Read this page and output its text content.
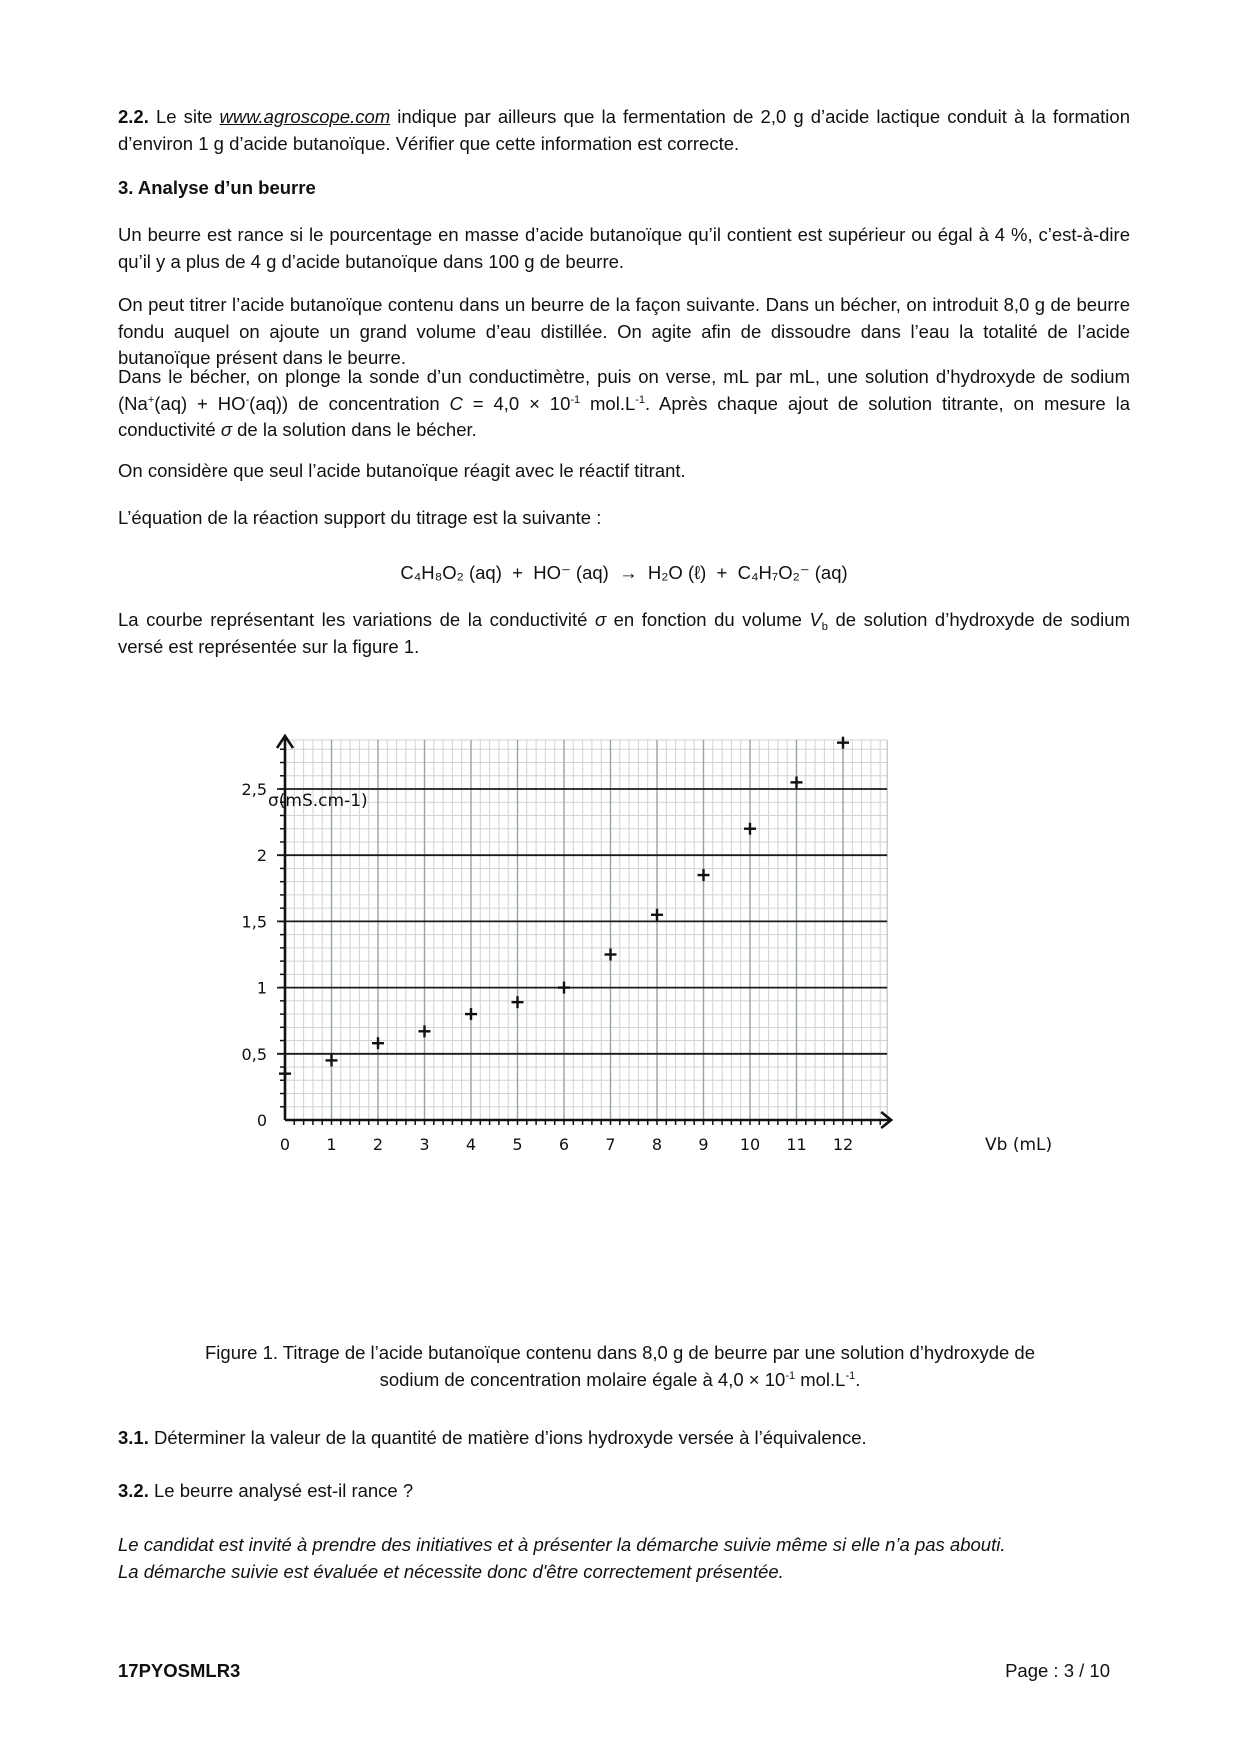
2.2. Le site www.agroscope.com indique par ailleurs que la fermentation de 2,0 g d’acide lactique conduit à la formation d’environ 1 g d’acide butanoïque. Vérifier que cette information est correcte.

3. Analyse d’un beurre

Un beurre est rance si le pourcentage en masse d’acide butanoïque qu’il contient est supérieur ou égal à 4 %, c’est-à-dire qu’il y a plus de 4 g d’acide butanoïque dans 100 g de beurre.

On peut titrer l’acide butanoïque contenu dans un beurre de la façon suivante. Dans un bécher, on introduit 8,0 g de beurre fondu auquel on ajoute un grand volume d’eau distillée. On agite afin de dissoudre dans l’eau la totalité de l’acide butanoïque présent dans le beurre.

Dans le bécher, on plonge la sonde d’un conductimètre, puis on verse, mL par mL, une solution d’hydroxyde de sodium (Na+(aq) + HO-(aq)) de concentration $C = 4,0 \times 10^{-1}$ $mol.L^{-1}$. Après chaque ajout de solution titrante, on mesure la conductivité σ de la solution dans le bécher.

On considère que seul l’acide butanoïque réagit avec le réactif titrant.

L’équation de la réaction support du titrage est la suivante :

C₄H₈O₂ (aq) + HO⁻ (aq) → H₂O (ℓ) + C₄H₇O₂⁻ (aq)

La courbe représentant les variations de la conductivité σ en fonction du volume $V_b$ de solution d’hydroxyde de sodium versé est représentée sur la figure 1.

0 1 2 3 4 5 6 7 8 9 10 11 12
0
0,5
1
1,5
2
2,5
σ(mS.cm-1)
Vb (mL)

Figure 1. Titrage de l’acide butanoïque contenu dans 8,0 g de beurre par une solution d’hydroxyde de
sodium de concentration molaire égale à $4,0 \times 10^{-1}$ $mol.L^{-1}$.

3.1. Déterminer la valeur de la quantité de matière d’ions hydroxyde versée à l’équivalence.

3.2. Le beurre analysé est-il rance ?

Le candidat est invité à prendre des initiatives et à présenter la démarche suivie même si elle n’a pas abouti.
La démarche suivie est évaluée et nécessite donc d'être correctement présentée.

17PYOSMLR3	Page : 3 / 10
